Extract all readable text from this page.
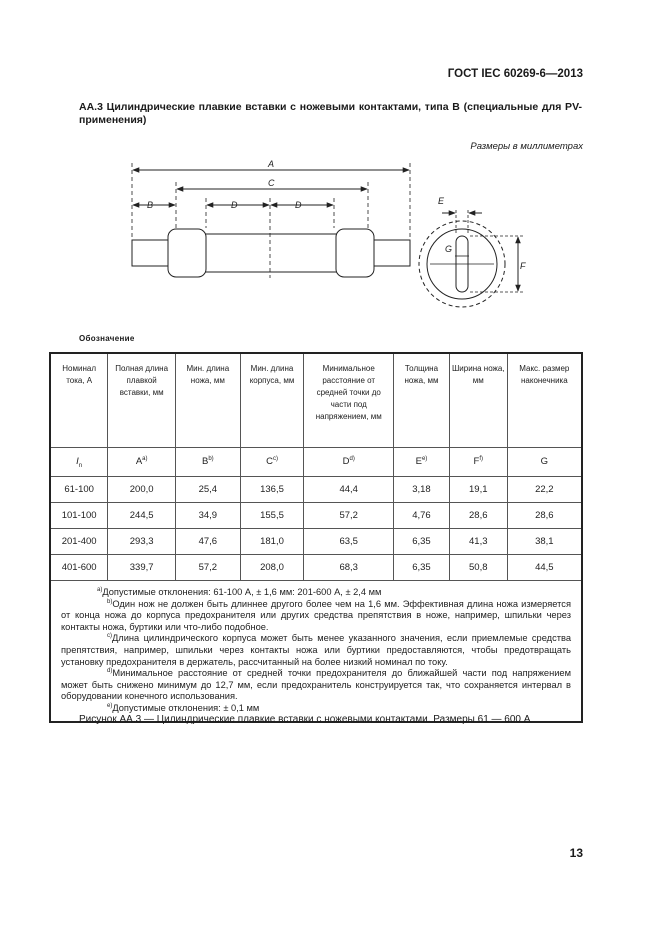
ГОСТ IEC 60269-6—2013
АА.3 Цилиндрические плавкие вставки с ножевыми контактами, типа В (специальные для PV-применения)
Размеры в миллиметрах
A
C
B	D	D	E
G
F
Обозначение
Номинал тока, А	Полная длина плавкой вставки, мм	Мин. длина ножа, мм	Мин. длина корпуса, мм	Минимальное расстояние от средней точки до части под напряжением, мм	Толщина ножа, мм	Ширина ножа, мм	Макс. размер наконечника
$I_n$	$A^{a)}$	$B^{b)}$	$C^{c)}$	$D^{d)}$	$E^{e)}$	$F^{f)}$	G
61-100	200,0	25,4	136,5	44,4	3,18	19,1	22,2
101-100	244,5	34,9	155,5	57,2	4,76	28,6	28,6
201-400	293,3	47,6	181,0	63,5	6,35	41,3	38,1
401-600	339,7	57,2	208,0	68,3	6,35	50,8	44,5

$^{a)}$Допустимые отклонения: 61-100 А, ± 1,6 мм: 201-600 А, ± 2,4 мм
$^{b)}$Один нож не должен быть длиннее другого более чем на 1,6 мм. Эффективная длина ножа измеряется от конца ножа до корпуса предохранителя или других средства препятствия в ноже, например, шпильки через контакты ножа, буртики или что-либо подобное.
$^{c)}$Длина цилиндрического корпуса может быть менее указанного значения, если приемлемые средства препятствия, например, шпильки через контакты ножа или буртики предоставляются, чтобы предотвращать установку предохранителя в держатель, рассчитанный на более низкий номинал по току.
$^{d)}$Минимальное расстояние от средней точки предохранителя до ближайшей части под напряжением может быть снижено минимум до 12,7 мм, если предохранитель конструируется так, что сохраняется интервал в оборудовании конечного использования.
$^{e)}$Допустимые отклонения: ± 0,1 мм							
Рисунок АА.3 — Цилиндрические плавкие вставки с ножевыми контактами. Размеры 61 — 600 А
13
